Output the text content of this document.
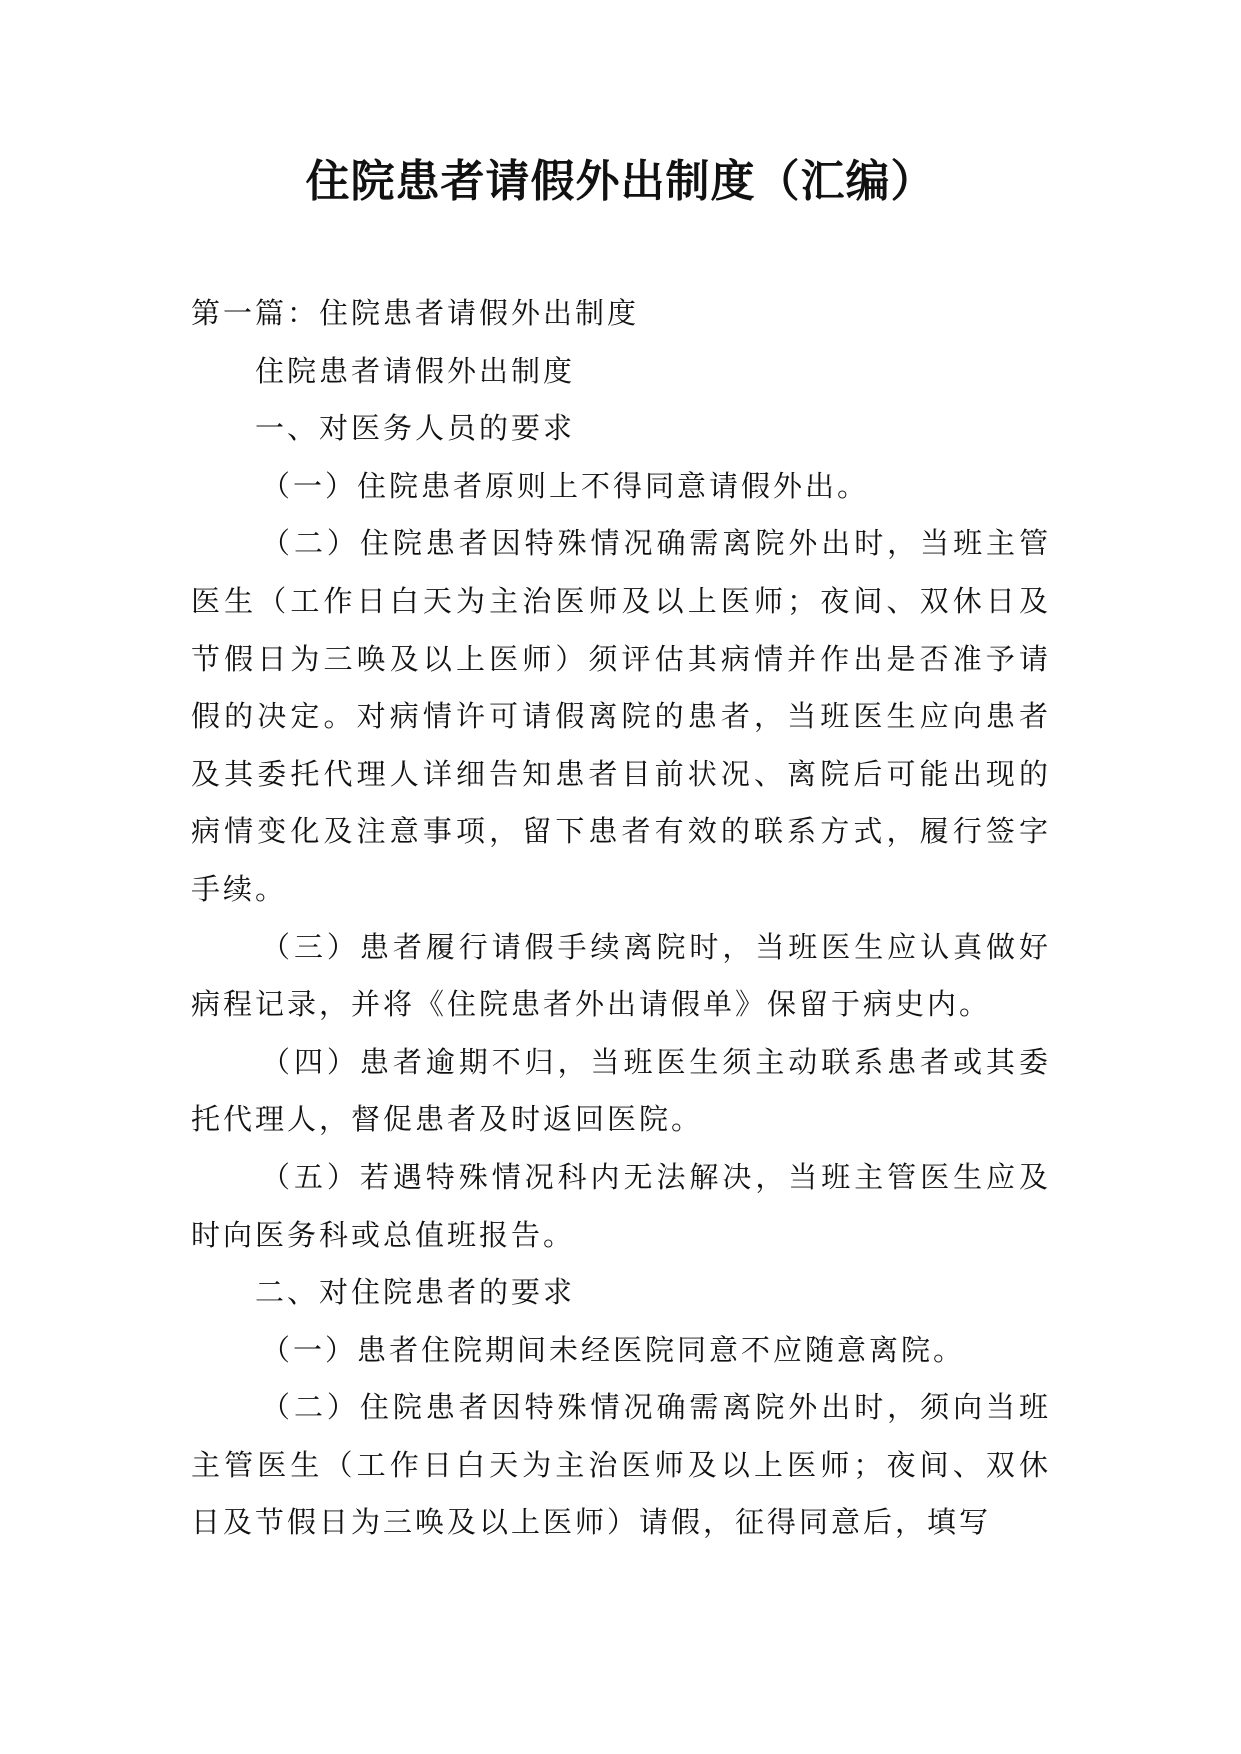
住院患者请假外出制度（汇编）

第一篇：住院患者请假外出制度

住院患者请假外出制度

一、对医务人员的要求

（一）住院患者原则上不得同意请假外出。

（二）住院患者因特殊情况确需离院外出时，当班主管医生（工作日白天为主治医师及以上医师；夜间、双休日及节假日为三唤及以上医师）须评估其病情并作出是否准予请假的决定。对病情许可请假离院的患者，当班医生应向患者及其委托代理人详细告知患者目前状况、离院后可能出现的病情变化及注意事项，留下患者有效的联系方式，履行签字手续。

（三）患者履行请假手续离院时，当班医生应认真做好病程记录，并将《住院患者外出请假单》保留于病史内。

（四）患者逾期不归，当班医生须主动联系患者或其委托代理人，督促患者及时返回医院。

（五）若遇特殊情况科内无法解决，当班主管医生应及时向医务科或总值班报告。

二、对住院患者的要求

（一）患者住院期间未经医院同意不应随意离院。

（二）住院患者因特殊情况确需离院外出时，须向当班主管医生（工作日白天为主治医师及以上医师；夜间、双休日及节假日为三唤及以上医师）请假，征得同意后，填写
